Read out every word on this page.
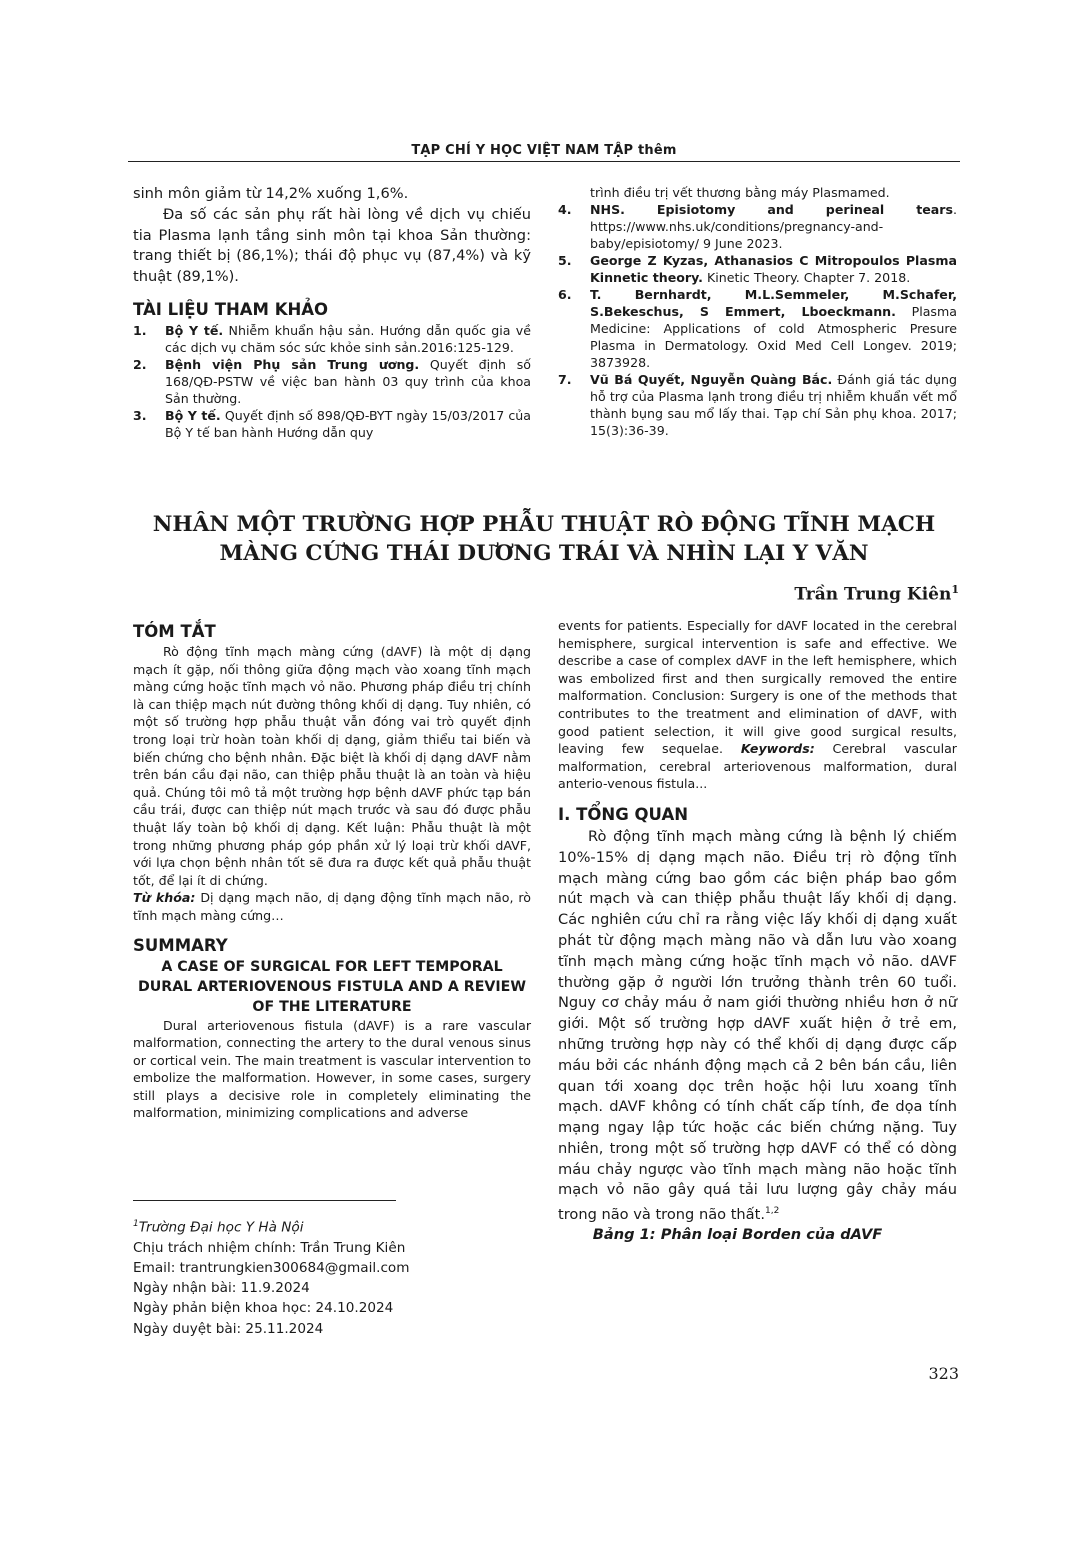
TẠP CHÍ Y HỌC VIỆT NAM TẬP thêm

sinh môn giảm từ 14,2% xuống 1,6%.

Đa số các sản phụ rất hài lòng về dịch vụ chiếu tia Plasma lạnh tầng sinh môn tại khoa Sản thường: trang thiết bị (86,1%); thái độ phục vụ (87,4%) và kỹ thuật (89,1%).

TÀI LIỆU THAM KHẢO

1.	Bộ Y tế. Nhiễm khuẩn hậu sản. Hướng dẫn quốc gia về các dịch vụ chăm sóc sức khỏe sinh sản.2016:125-129.
2.	Bệnh viện Phụ sản Trung ương. Quyết định số 168/QĐ-PSTW về việc ban hành 03 quy trình của khoa Sản thường.
3.	Bộ Y tế. Quyết định số 898/QĐ-BYT ngày 15/03/2017 của Bộ Y tế ban hành Hướng dẫn quy
trình điều trị vết thương bằng máy Plasmamed.
4.	NHS. Episiotomy and perineal tears. https://www.nhs.uk/conditions/pregnancy-and-baby/episiotomy/ 9 June 2023.
5.	George Z Kyzas, Athanasios C Mitropoulos Plasma Kinnetic theory. Kinetic Theory. Chapter 7. 2018.
6.	T. Bernhardt, M.L.Semmeler, M.Schafer, S.Bekeschus, S Emmert, Lboeckmann. Plasma Medicine: Applications of cold Atmospheric Presure Plasma in Dermatology. Oxid Med Cell Longev. 2019; 3873928.
7.	Vũ Bá Quyết, Nguyễn Quàng Bắc. Đánh giá tác dụng hỗ trợ của Plasma lạnh trong điều trị nhiễm khuẩn vết mổ thành bụng sau mổ lấy thai. Tạp chí Sản phụ khoa. 2017; 15(3):36-39.
NHÂN MỘT TRƯỜNG HỢP PHẪU THUẬT RÒ ĐỘNG TĨNH MẠCH
MÀNG CỨNG THÁI DƯƠNG TRÁI VÀ NHÌN LẠI Y VĂN
Trần Trung Kiên$^1$

TÓM TẮT

Rò động tĩnh mạch màng cứng (dAVF) là một dị dạng mạch ít gặp, nối thông giữa động mạch vào xoang tĩnh mạch màng cứng hoặc tĩnh mạch vỏ não. Phương pháp điều trị chính là can thiệp mạch nút đường thông khối dị dạng. Tuy nhiên, có một số trường hợp phẫu thuật vẫn đóng vai trò quyết định trong loại trừ hoàn toàn khối dị dạng, giảm thiểu tai biến và biến chứng cho bệnh nhân. Đặc biệt là khối dị dạng dAVF nằm trên bán cầu đại não, can thiệp phẫu thuật là an toàn và hiệu quả. Chúng tôi mô tả một trường hợp bệnh dAVF phức tạp bán cầu trái, được can thiệp nút mạch trước và sau đó được phẫu thuật lấy toàn bộ khối dị dạng. Kết luận: Phẫu thuật là một trong những phương pháp góp phần xử lý loại trừ khối dAVF, với lựa chọn bệnh nhân tốt sẽ đưa ra được kết quả phẫu thuật tốt, để lại ít di chứng.
Từ khóa: Dị dạng mạch não, dị dạng động tĩnh mạch não, rò tĩnh mạch màng cứng…

SUMMARY

A CASE OF SURGICAL FOR LEFT TEMPORAL DURAL ARTERIOVENOUS FISTULA AND A REVIEW OF THE LITERATURE

Dural arteriovenous fistula (dAVF) is a rare vascular malformation, connecting the artery to the dural venous sinus or cortical vein. The main treatment is vascular intervention to embolize the malformation. However, in some cases, surgery still plays a decisive role in completely eliminating the malformation, minimizing complications and adverse

$^1$Trường Đại học Y Hà Nội
Chịu trách nhiệm chính: Trần Trung Kiên
Email: trantrungkien300684@gmail.com
Ngày nhận bài: 11.9.2024
Ngày phản biện khoa học: 24.10.2024
Ngày duyệt bài: 25.11.2024

events for patients. Especially for dAVF located in the cerebral hemisphere, surgical intervention is safe and effective. We describe a case of complex dAVF in the left hemisphere, which was embolized first and then surgically removed the entire malformation. Conclusion: Surgery is one of the methods that contributes to the treatment and elimination of dAVF, with good patient selection, it will give good surgical results, leaving few sequelae. Keywords: Cerebral vascular malformation, cerebral arteriovenous malformation, dural anterio-venous fistula...

I. TỔNG QUAN

Rò động tĩnh mạch màng cứng là bệnh lý chiếm 10%-15% dị dạng mạch não. Điều trị rò động tĩnh mạch màng cứng bao gồm các biện pháp bao gồm nút mạch và can thiệp phẫu thuật lấy khối dị dạng. Các nghiên cứu chỉ ra rằng việc lấy khối dị dạng xuất phát từ động mạch màng não và dẫn lưu vào xoang tĩnh mạch màng cứng hoặc tĩnh mạch vỏ não. dAVF thường gặp ở người lớn trưởng thành trên 60 tuổi. Nguy cơ chảy máu ở nam giới thường nhiều hơn ở nữ giới. Một số trường hợp dAVF xuất hiện ở trẻ em, những trường hợp này có thể khối dị dạng được cấp máu bởi các nhánh động mạch cả 2 bên bán cầu, liên quan tới xoang dọc trên hoặc hội lưu xoang tĩnh mạch. dAVF không có tính chất cấp tính, đe dọa tính mạng ngay lập tức hoặc các biến chứng nặng. Tuy nhiên, trong một số trường hợp dAVF có thể có dòng máu chảy ngược vào tĩnh mạch màng não hoặc tĩnh mạch vỏ não gây quá tải lưu lượng gây chảy máu trong não và trong não thất.$^{1,2}$

Bảng 1: Phân loại Borden của dAVF

323
